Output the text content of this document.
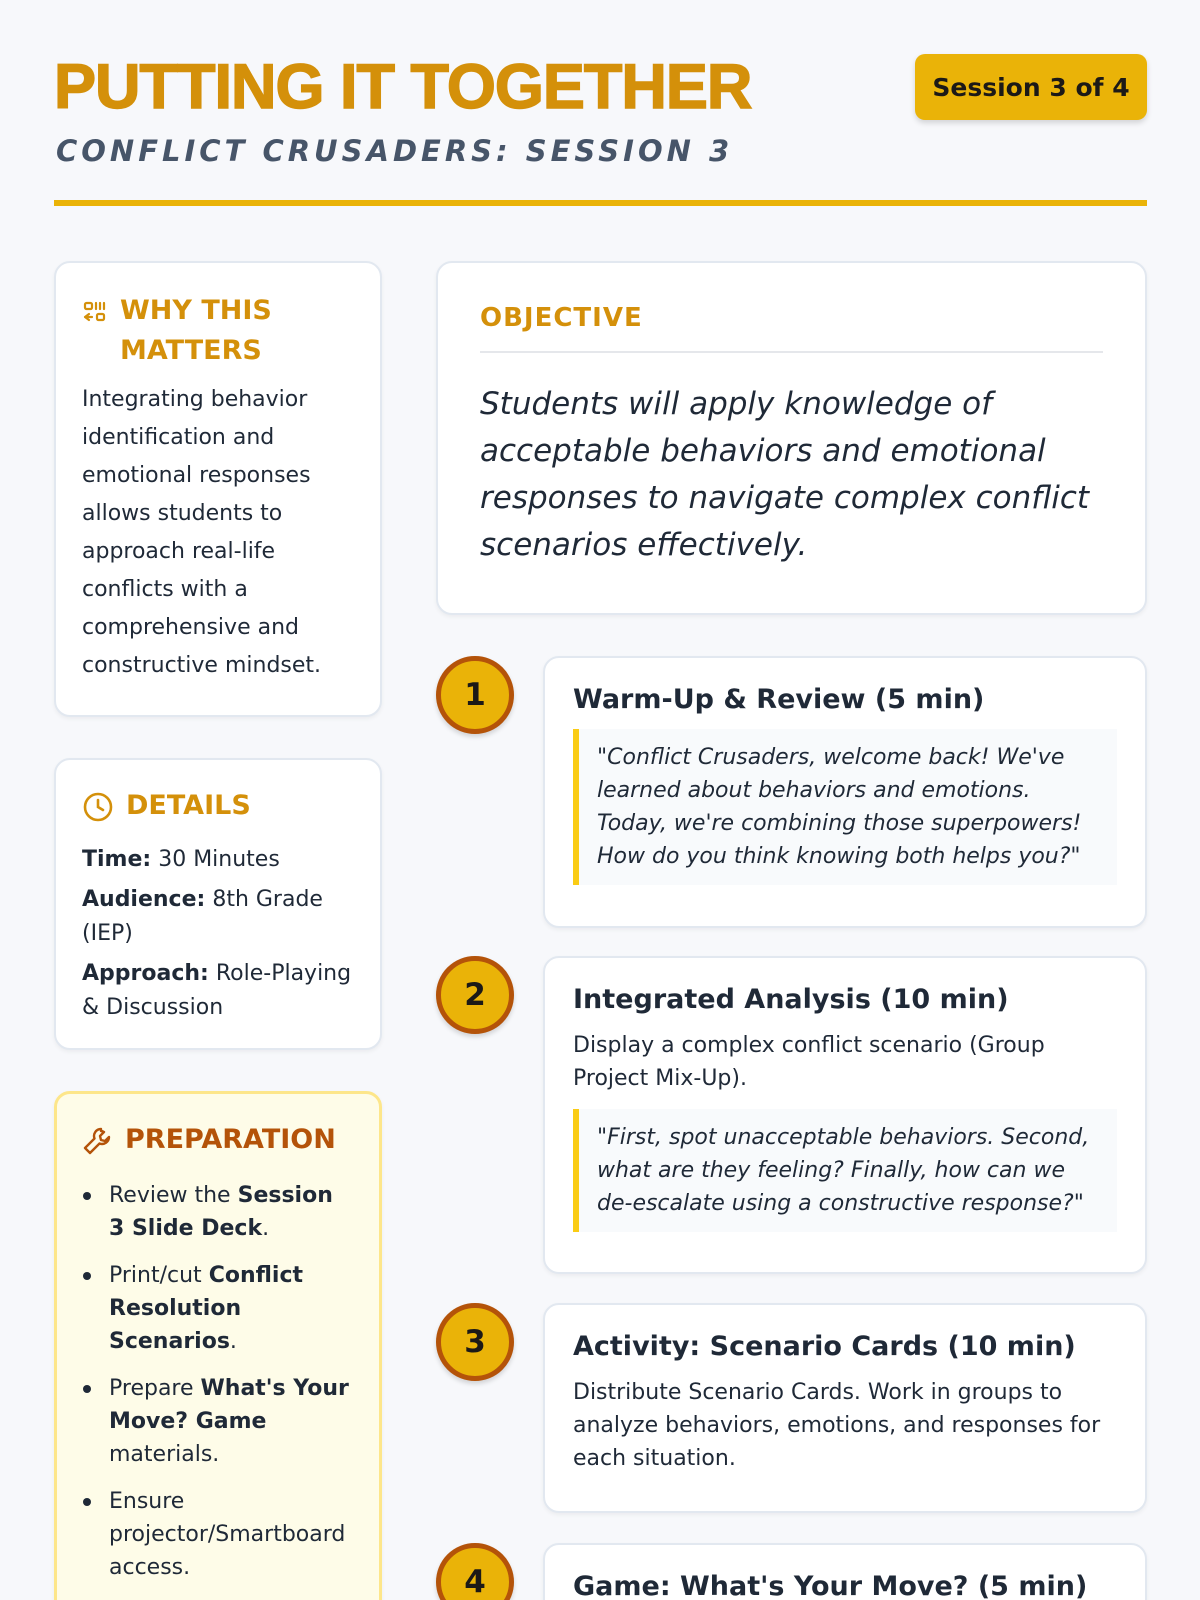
PUTTING IT TOGETHER
CONFLICT CRUSADERS: SESSION 3
Session 3 of 4
WHY THIS MATTERS
Integrating behavior identification and emotional responses allows students to approach real-life conflicts with a comprehensive and constructive mindset.
DETAILS
Time: 30 Minutes
Audience: 8th Grade (IEP)
Approach: Role-Playing & Discussion
PREPARATION
Review the Session 3 Slide Deck.
Print/cut Conflict Resolution Scenarios.
Prepare What's Your Move? Game materials.
Ensure projector/Smartboard access.
OBJECTIVE
Students will apply knowledge of acceptable behaviors and emotional responses to navigate complex conflict scenarios effectively.
1	Warm-Up & Review (5 min)
"Conflict Crusaders, welcome back! We've learned about behaviors and emotions. Today, we're combining those superpowers! How do you think knowing both helps you?"
2	Integrated Analysis (10 min)
Display a complex conflict scenario (Group Project Mix-Up).
"First, spot unacceptable behaviors. Second, what are they feeling? Finally, how can we de-escalate using a constructive response?"
3	Activity: Scenario Cards (10 min)
Distribute Scenario Cards. Work in groups to analyze behaviors, emotions, and responses for each situation.
4	Game: What's Your Move? (5 min)
